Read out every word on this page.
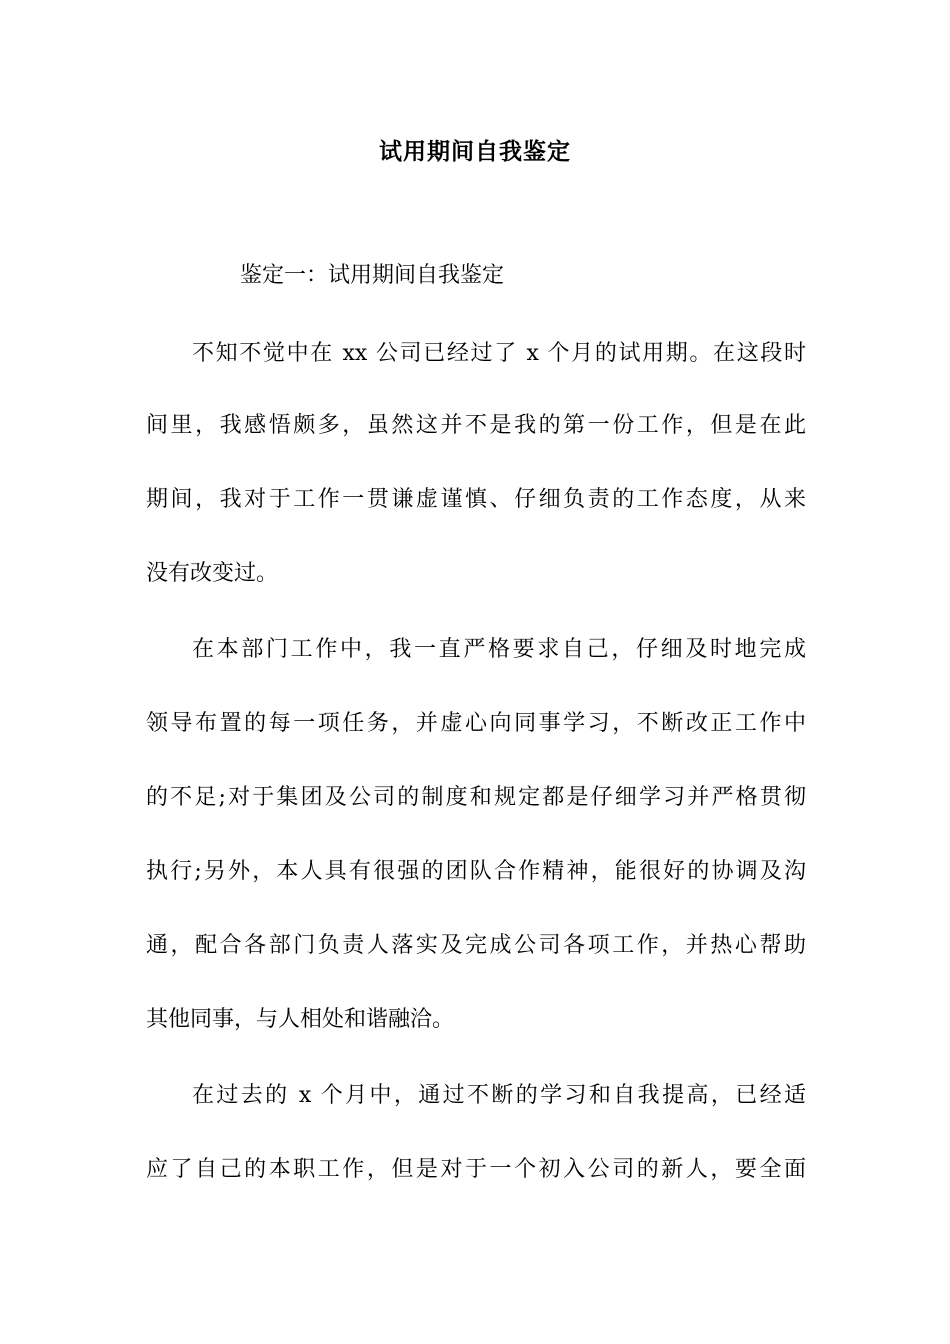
试用期间自我鉴定
鉴定一：试用期间自我鉴定
不知不觉中在 xx 公司已经过了 x 个月的试用期。在这段时
间里，我感悟颇多，虽然这并不是我的第一份工作，但是在此
期间，我对于工作一贯谦虚谨慎、仔细负责的工作态度，从来
没有改变过。
在本部门工作中，我一直严格要求自己，仔细及时地完成
领导布置的每一项任务，并虚心向同事学习，不断改正工作中
的不足;对于集团及公司的制度和规定都是仔细学习并严格贯彻
执行;另外，本人具有很强的团队合作精神，能很好的协调及沟
通，配合各部门负责人落实及完成公司各项工作，并热心帮助
其他同事，与人相处和谐融洽。
在过去的 x 个月中，通过不断的学习和自我提高，已经适
应了自己的本职工作，但是对于一个初入公司的新人，要全面
